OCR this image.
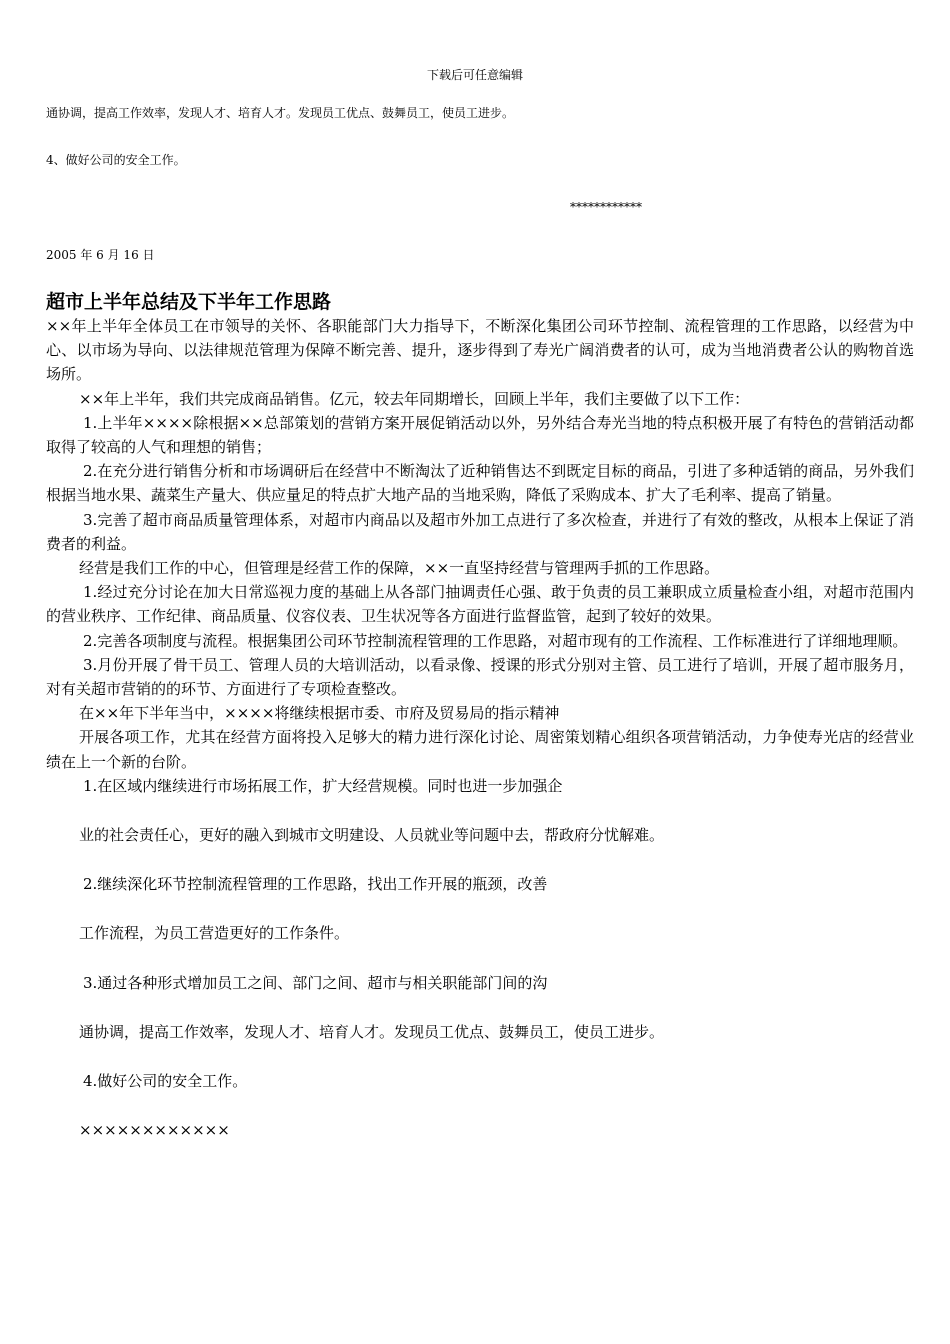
下载后可任意编辑
通协调，提高工作效率，发现人才、培育人才。发现员工优点、鼓舞员工，使员工进步。
4、做好公司的安全工作。
************
2005 年 6 月 16 日
超市上半年总结及下半年工作思路

××年上半年全体员工在市领导的关怀、各职能部门大力指导下，不断深化集团公司环节控制、流程管理的工作思路，以经营为中心、以市场为导向、以法律规范管理为保障不断完善、提升，逐步得到了寿光广阔消费者的认可，成为当地消费者公认的购物首选场所。

××年上半年，我们共完成商品销售。亿元，较去年同期增长，回顾上半年，我们主要做了以下工作：

1.上半年××××除根据××总部策划的营销方案开展促销活动以外，另外结合寿光当地的特点积极开展了有特色的营销活动都取得了较高的人气和理想的销售；

2.在充分进行销售分析和市场调研后在经营中不断淘汰了近种销售达不到既定目标的商品，引进了多种适销的商品，另外我们根据当地水果、蔬菜生产量大、供应量足的特点扩大地产品的当地采购，降低了采购成本、扩大了毛利率、提高了销量。

3.完善了超市商品质量管理体系，对超市内商品以及超市外加工点进行了多次检查，并进行了有效的整改，从根本上保证了消费者的利益。

经营是我们工作的中心，但管理是经营工作的保障，××一直坚持经营与管理两手抓的工作思路。

1.经过充分讨论在加大日常巡视力度的基础上从各部门抽调责任心强、敢于负责的员工兼职成立质量检查小组，对超市范围内的营业秩序、工作纪律、商品质量、仪容仪表、卫生状况等各方面进行监督监管，起到了较好的效果。

2.完善各项制度与流程。根据集团公司环节控制流程管理的工作思路，对超市现有的工作流程、工作标准进行了详细地理顺。

3.月份开展了骨干员工、管理人员的大培训活动，以看录像、授课的形式分别对主管、员工进行了培训，开展了超市服务月，对有关超市营销的的环节、方面进行了专项检查整改。

在××年下半年当中，××××将继续根据市委、市府及贸易局的指示精神

开展各项工作，尤其在经营方面将投入足够大的精力进行深化讨论、周密策划精心组织各项营销活动，力争使寿光店的经营业绩在上一个新的台阶。

1.在区域内继续进行市场拓展工作，扩大经营规模。同时也进一步加强企

业的社会责任心，更好的融入到城市文明建设、人员就业等问题中去，帮政府分忧解难。

2.继续深化环节控制流程管理的工作思路，找出工作开展的瓶颈，改善

工作流程，为员工营造更好的工作条件。

3.通过各种形式增加员工之间、部门之间、超市与相关职能部门间的沟

通协调，提高工作效率，发现人才、培育人才。发现员工优点、鼓舞员工，使员工进步。

4.做好公司的安全工作。

××××××××××××
